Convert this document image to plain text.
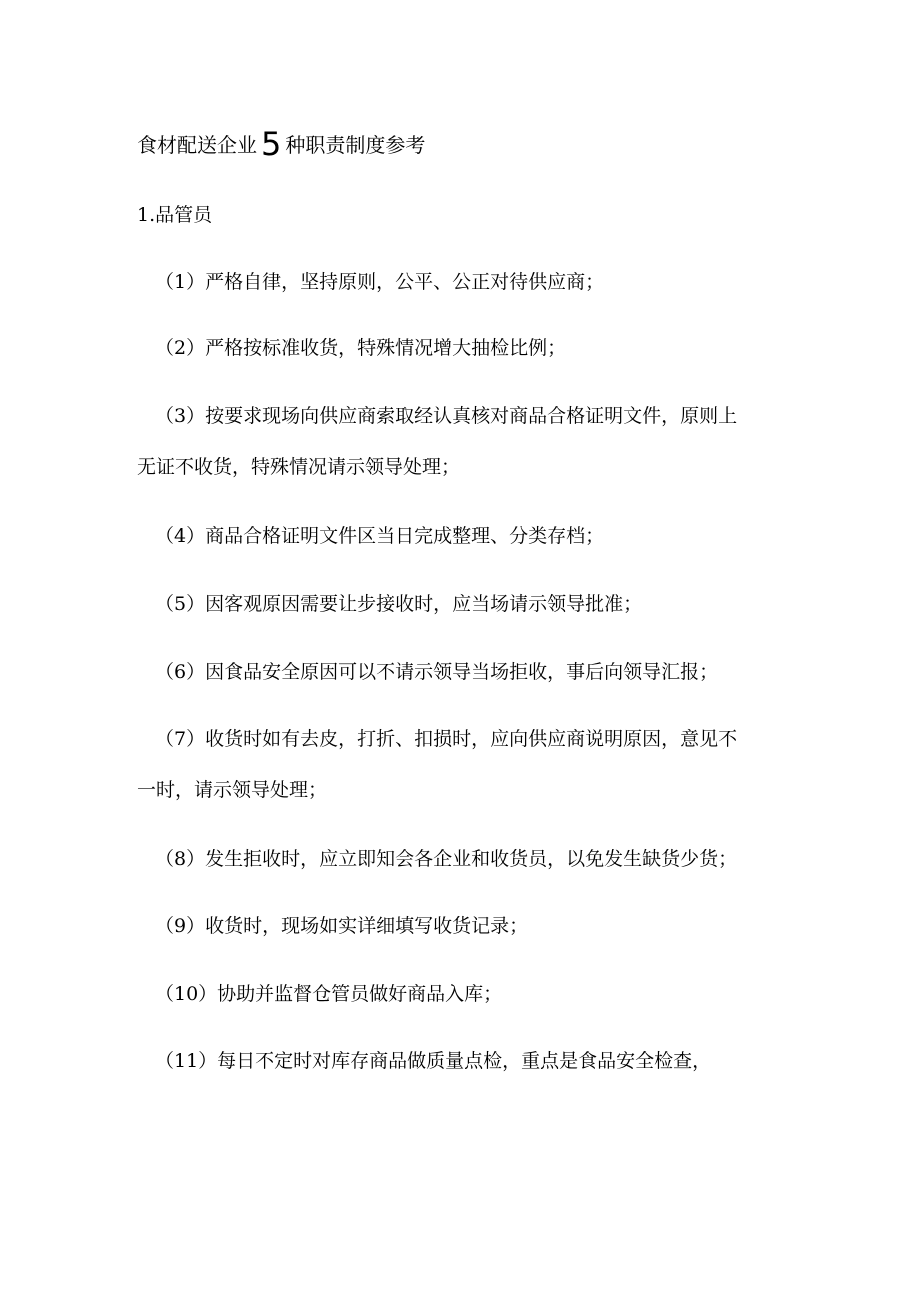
食材配送企业 5 种职责制度参考
1.品管员
（1）严格自律，坚持原则，公平、公正对待供应商；
（2）严格按标准收货，特殊情况增大抽检比例；
（3）按要求现场向供应商索取经认真核对商品合格证明文件，原则上
无证不收货，特殊情况请示领导处理；
（4）商品合格证明文件区当日完成整理、分类存档；
（5）因客观原因需要让步接收时，应当场请示领导批准；
（6）因食品安全原因可以不请示领导当场拒收，事后向领导汇报；
（7）收货时如有去皮，打折、扣损时，应向供应商说明原因，意见不
一时，请示领导处理；
（8）发生拒收时，应立即知会各企业和收货员，以免发生缺货少货；
（9）收货时，现场如实详细填写收货记录；
（10）协助并监督仓管员做好商品入库；
（11）每日不定时对库存商品做质量点检，重点是食品安全检查，
